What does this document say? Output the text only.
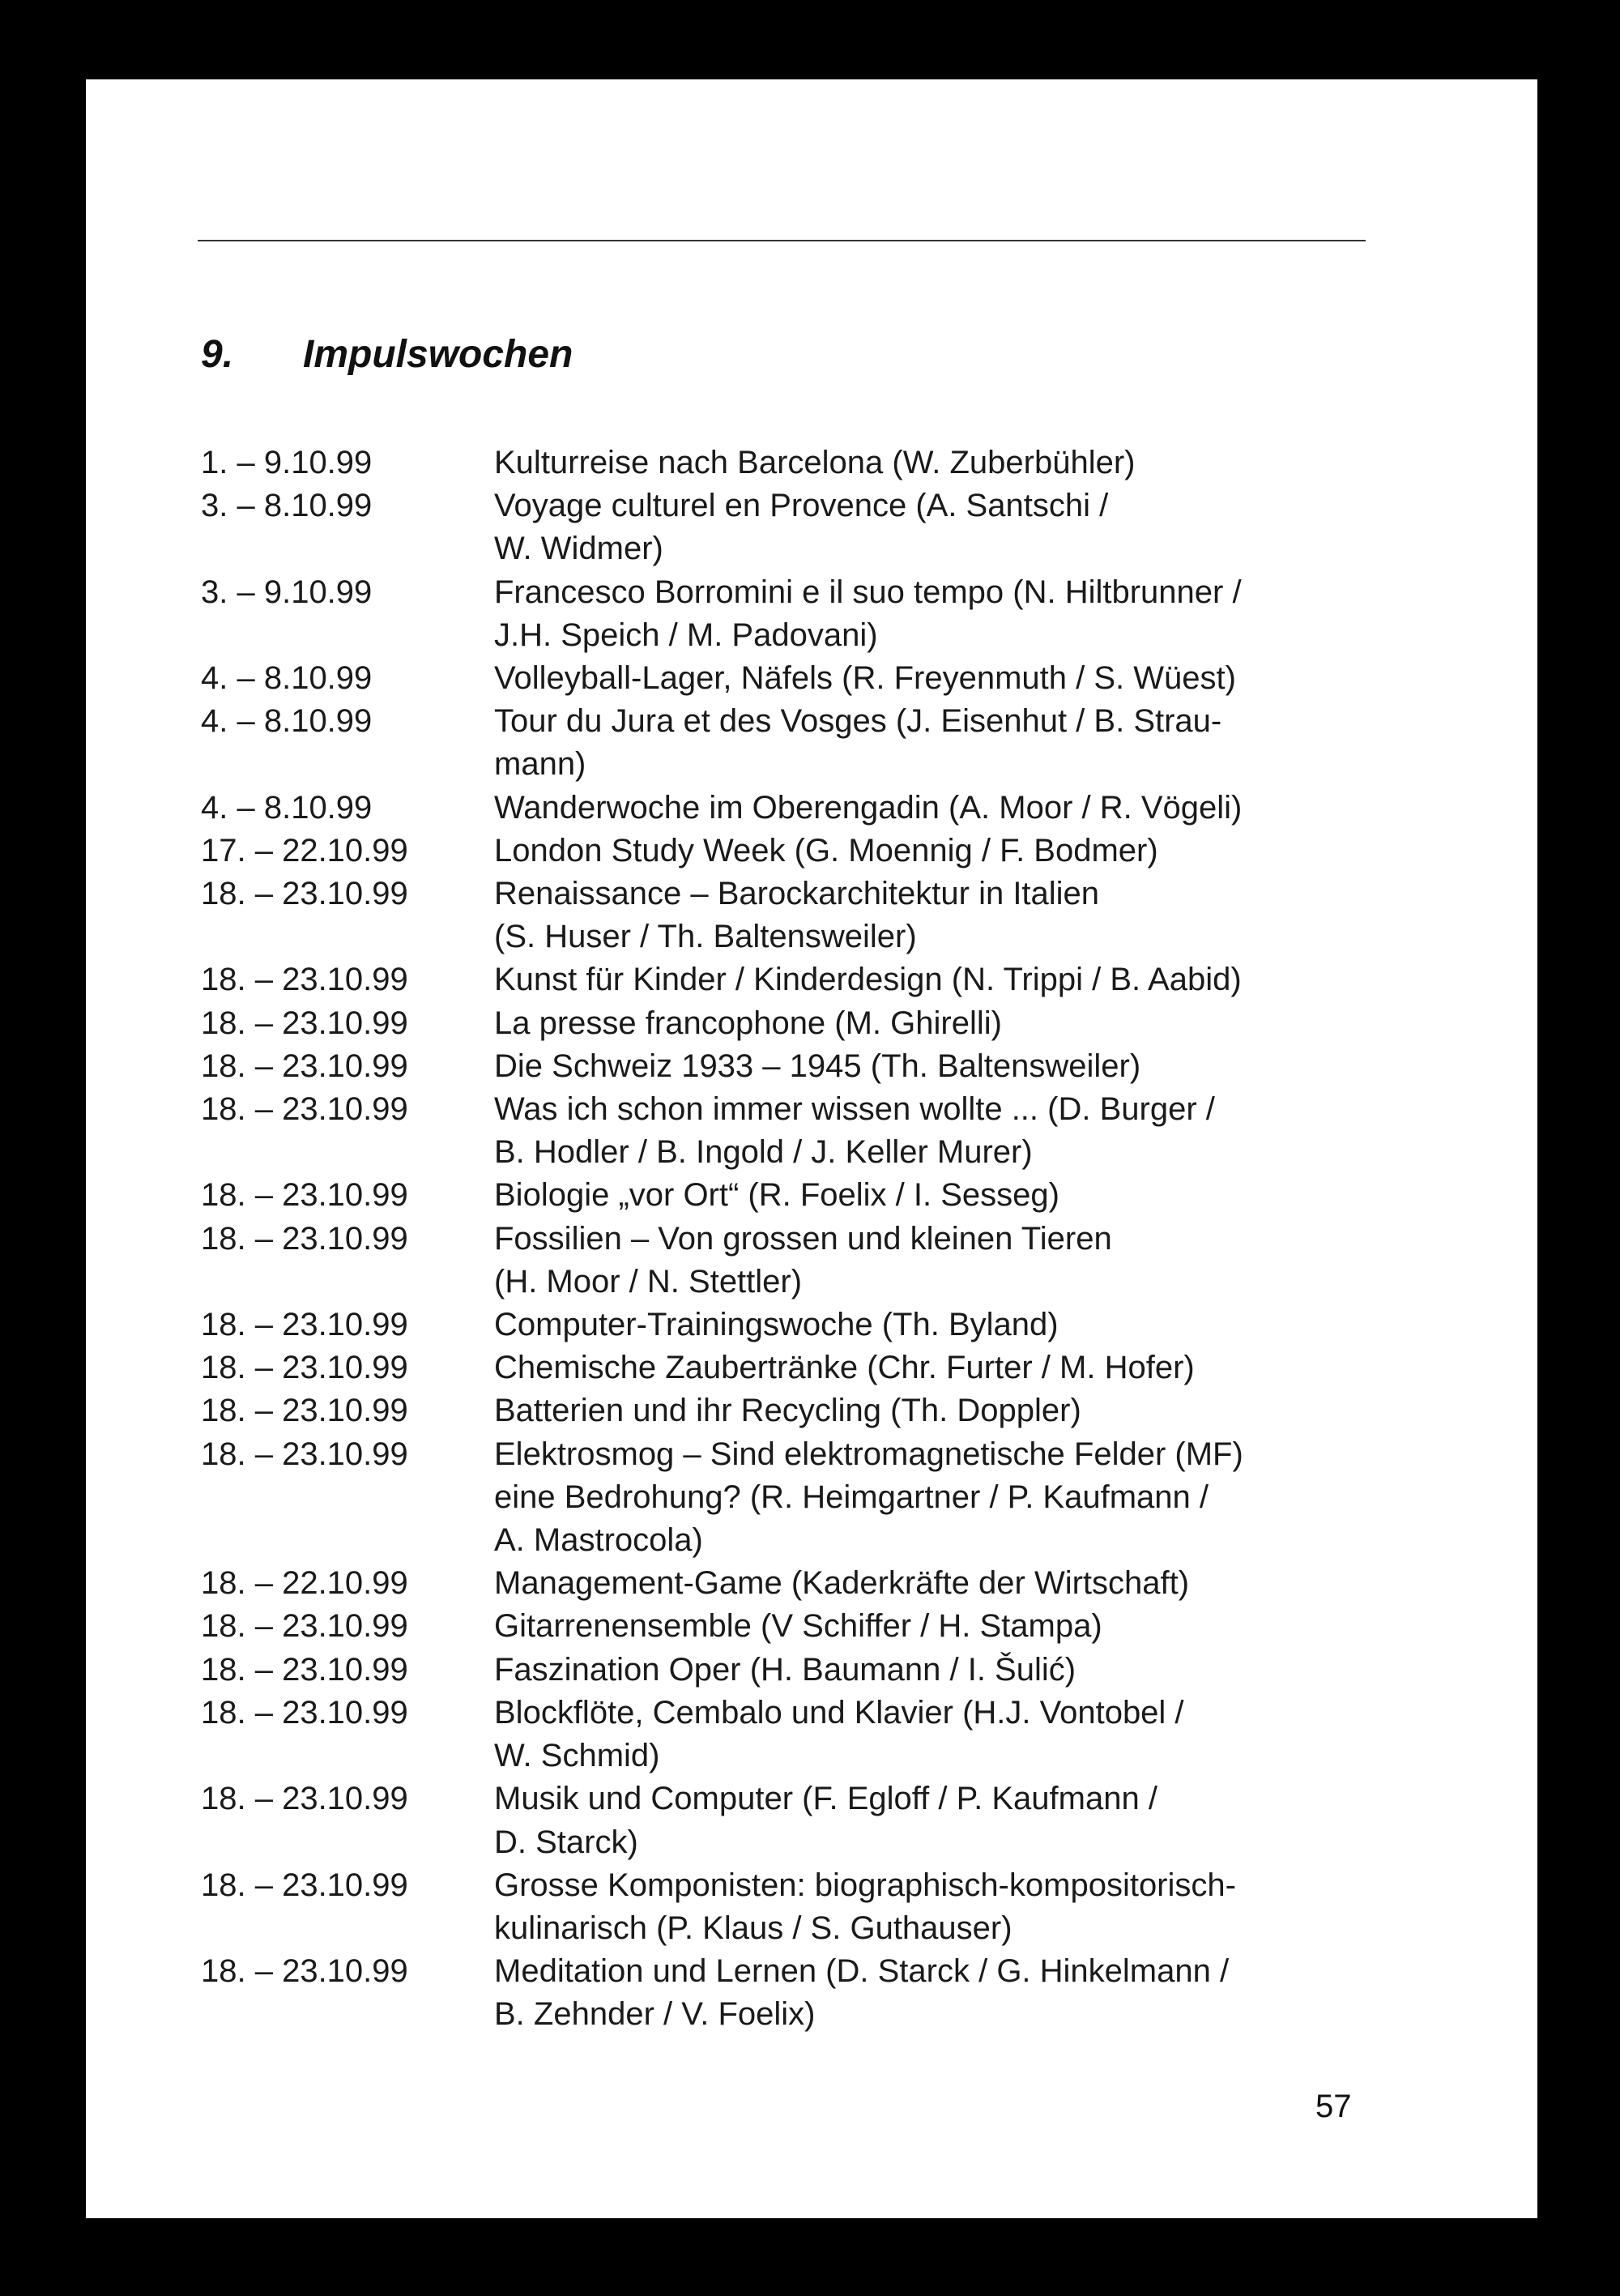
9. Impulswochen
1. – 9.10.99	Kulturreise nach Barcelona (W. Zuberbühler)
3. – 8.10.99	Voyage culturel en Provence (A. Santschi /
W. Widmer)
3. – 9.10.99	Francesco Borromini e il suo tempo (N. Hiltbrunner /
J.H. Speich / M. Padovani)
4. – 8.10.99	Volleyball-Lager, Näfels (R. Freyenmuth / S. Wüest)
4. – 8.10.99	Tour du Jura et des Vosges (J. Eisenhut / B. Strau-
mann)
4. – 8.10.99	Wanderwoche im Oberengadin (A. Moor / R. Vögeli)
17. – 22.10.99	London Study Week (G. Moennig / F. Bodmer)
18. – 23.10.99	Renaissance – Barockarchitektur in Italien
(S. Huser / Th. Baltensweiler)
18. – 23.10.99	Kunst für Kinder / Kinderdesign (N. Trippi / B. Aabid)
18. – 23.10.99	La presse francophone (M. Ghirelli)
18. – 23.10.99	Die Schweiz 1933 – 1945 (Th. Baltensweiler)
18. – 23.10.99	Was ich schon immer wissen wollte ... (D. Burger /
B. Hodler / B. Ingold / J. Keller Murer)
18. – 23.10.99	Biologie „vor Ort“ (R. Foelix / I. Sesseg)
18. – 23.10.99	Fossilien – Von grossen und kleinen Tieren
(H. Moor / N. Stettler)
18. – 23.10.99	Computer-Trainingswoche (Th. Byland)
18. – 23.10.99	Chemische Zaubertränke (Chr. Furter / M. Hofer)
18. – 23.10.99	Batterien und ihr Recycling (Th. Doppler)
18. – 23.10.99	Elektrosmog – Sind elektromagnetische Felder (MF)
eine Bedrohung? (R. Heimgartner / P. Kaufmann /
A. Mastrocola)
18. – 22.10.99	Management-Game (Kaderkräfte der Wirtschaft)
18. – 23.10.99	Gitarrenensemble (V Schiffer / H. Stampa)
18. – 23.10.99	Faszination Oper (H. Baumann / I. Šulić)
18. – 23.10.99	Blockflöte, Cembalo und Klavier (H.J. Vontobel /
W. Schmid)
18. – 23.10.99	Musik und Computer (F. Egloff / P. Kaufmann /
D. Starck)
18. – 23.10.99	Grosse Komponisten: biographisch-kompositorisch-
kulinarisch (P. Klaus / S. Guthauser)
18. – 23.10.99	Meditation und Lernen (D. Starck / G. Hinkelmann /
B. Zehnder / V. Foelix)
57
